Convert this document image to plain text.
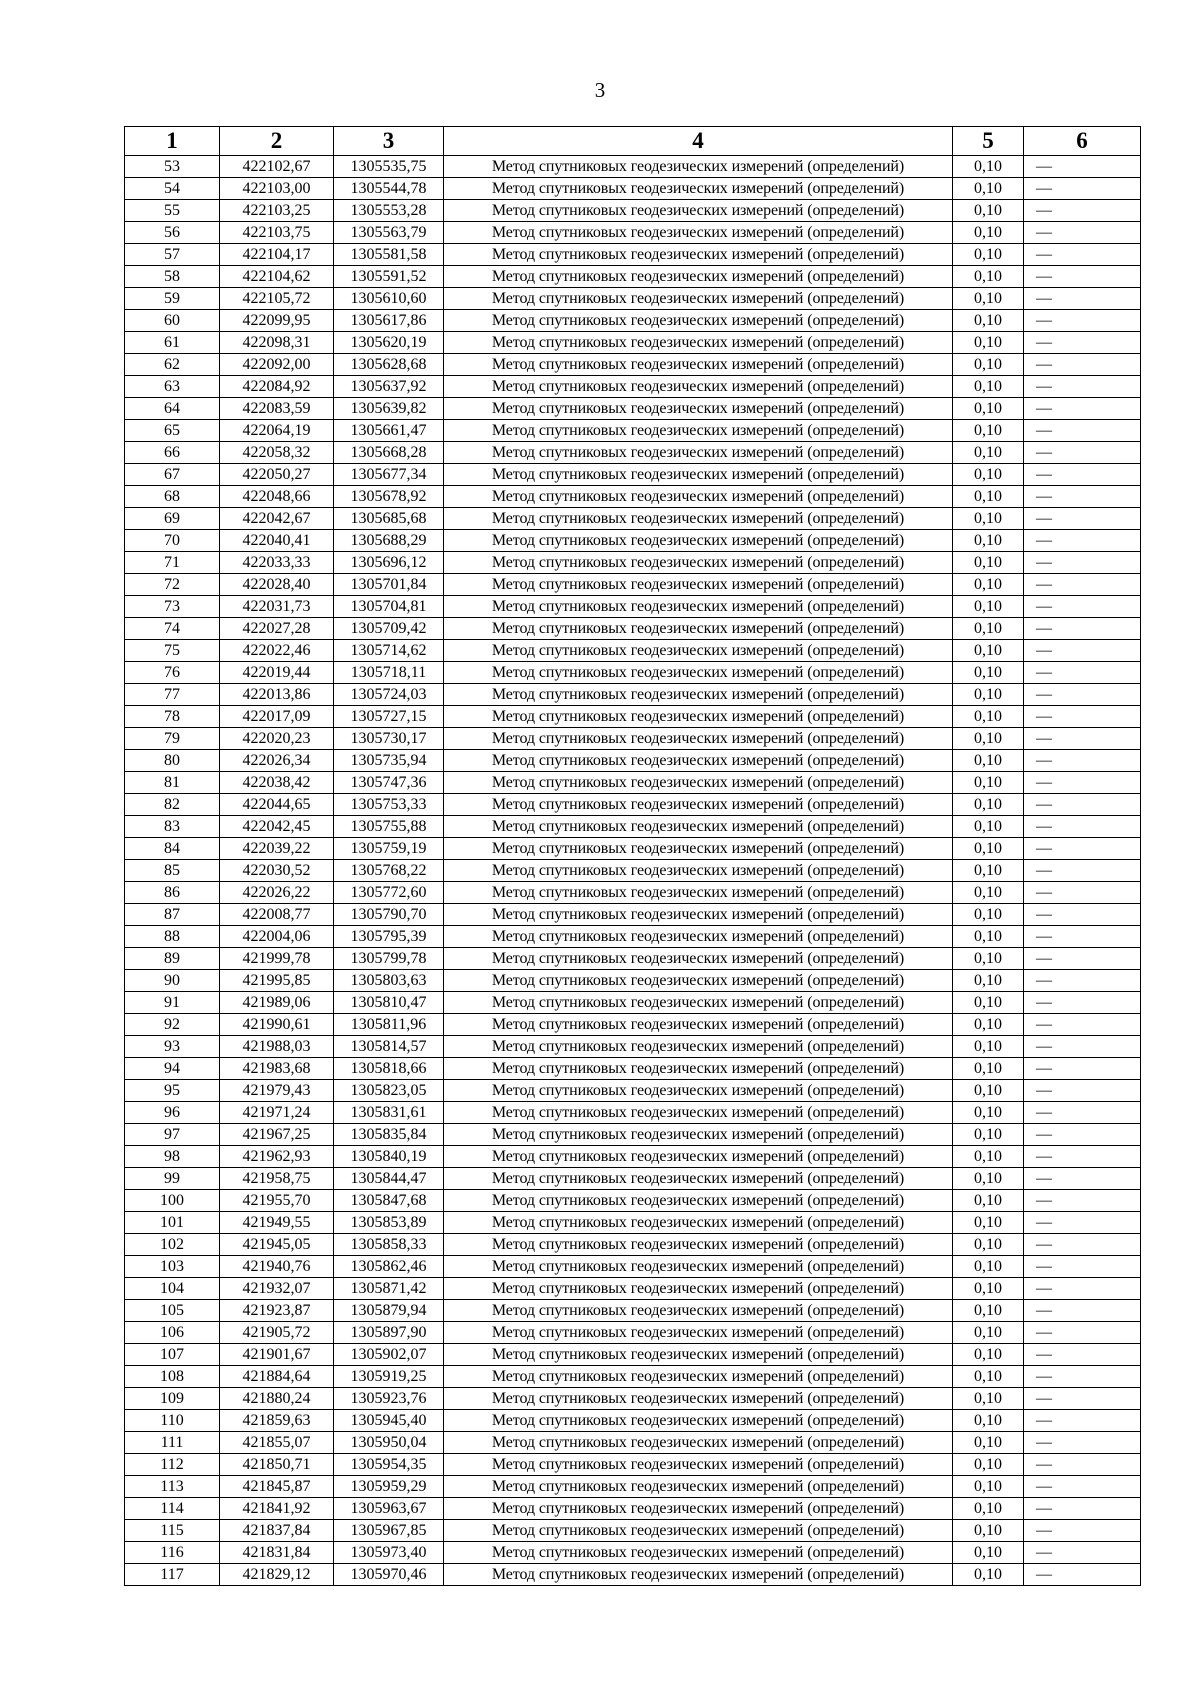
3
1	2	3	4	5	6
53	422102,67	1305535,75	Метод спутниковых геодезических измерений (определений)	0,10	—
54	422103,00	1305544,78	Метод спутниковых геодезических измерений (определений)	0,10	—
55	422103,25	1305553,28	Метод спутниковых геодезических измерений (определений)	0,10	—
56	422103,75	1305563,79	Метод спутниковых геодезических измерений (определений)	0,10	—
57	422104,17	1305581,58	Метод спутниковых геодезических измерений (определений)	0,10	—
58	422104,62	1305591,52	Метод спутниковых геодезических измерений (определений)	0,10	—
59	422105,72	1305610,60	Метод спутниковых геодезических измерений (определений)	0,10	—
60	422099,95	1305617,86	Метод спутниковых геодезических измерений (определений)	0,10	—
61	422098,31	1305620,19	Метод спутниковых геодезических измерений (определений)	0,10	—
62	422092,00	1305628,68	Метод спутниковых геодезических измерений (определений)	0,10	—
63	422084,92	1305637,92	Метод спутниковых геодезических измерений (определений)	0,10	—
64	422083,59	1305639,82	Метод спутниковых геодезических измерений (определений)	0,10	—
65	422064,19	1305661,47	Метод спутниковых геодезических измерений (определений)	0,10	—
66	422058,32	1305668,28	Метод спутниковых геодезических измерений (определений)	0,10	—
67	422050,27	1305677,34	Метод спутниковых геодезических измерений (определений)	0,10	—
68	422048,66	1305678,92	Метод спутниковых геодезических измерений (определений)	0,10	—
69	422042,67	1305685,68	Метод спутниковых геодезических измерений (определений)	0,10	—
70	422040,41	1305688,29	Метод спутниковых геодезических измерений (определений)	0,10	—
71	422033,33	1305696,12	Метод спутниковых геодезических измерений (определений)	0,10	—
72	422028,40	1305701,84	Метод спутниковых геодезических измерений (определений)	0,10	—
73	422031,73	1305704,81	Метод спутниковых геодезических измерений (определений)	0,10	—
74	422027,28	1305709,42	Метод спутниковых геодезических измерений (определений)	0,10	—
75	422022,46	1305714,62	Метод спутниковых геодезических измерений (определений)	0,10	—
76	422019,44	1305718,11	Метод спутниковых геодезических измерений (определений)	0,10	—
77	422013,86	1305724,03	Метод спутниковых геодезических измерений (определений)	0,10	—
78	422017,09	1305727,15	Метод спутниковых геодезических измерений (определений)	0,10	—
79	422020,23	1305730,17	Метод спутниковых геодезических измерений (определений)	0,10	—
80	422026,34	1305735,94	Метод спутниковых геодезических измерений (определений)	0,10	—
81	422038,42	1305747,36	Метод спутниковых геодезических измерений (определений)	0,10	—
82	422044,65	1305753,33	Метод спутниковых геодезических измерений (определений)	0,10	—
83	422042,45	1305755,88	Метод спутниковых геодезических измерений (определений)	0,10	—
84	422039,22	1305759,19	Метод спутниковых геодезических измерений (определений)	0,10	—
85	422030,52	1305768,22	Метод спутниковых геодезических измерений (определений)	0,10	—
86	422026,22	1305772,60	Метод спутниковых геодезических измерений (определений)	0,10	—
87	422008,77	1305790,70	Метод спутниковых геодезических измерений (определений)	0,10	—
88	422004,06	1305795,39	Метод спутниковых геодезических измерений (определений)	0,10	—
89	421999,78	1305799,78	Метод спутниковых геодезических измерений (определений)	0,10	—
90	421995,85	1305803,63	Метод спутниковых геодезических измерений (определений)	0,10	—
91	421989,06	1305810,47	Метод спутниковых геодезических измерений (определений)	0,10	—
92	421990,61	1305811,96	Метод спутниковых геодезических измерений (определений)	0,10	—
93	421988,03	1305814,57	Метод спутниковых геодезических измерений (определений)	0,10	—
94	421983,68	1305818,66	Метод спутниковых геодезических измерений (определений)	0,10	—
95	421979,43	1305823,05	Метод спутниковых геодезических измерений (определений)	0,10	—
96	421971,24	1305831,61	Метод спутниковых геодезических измерений (определений)	0,10	—
97	421967,25	1305835,84	Метод спутниковых геодезических измерений (определений)	0,10	—
98	421962,93	1305840,19	Метод спутниковых геодезических измерений (определений)	0,10	—
99	421958,75	1305844,47	Метод спутниковых геодезических измерений (определений)	0,10	—
100	421955,70	1305847,68	Метод спутниковых геодезических измерений (определений)	0,10	—
101	421949,55	1305853,89	Метод спутниковых геодезических измерений (определений)	0,10	—
102	421945,05	1305858,33	Метод спутниковых геодезических измерений (определений)	0,10	—
103	421940,76	1305862,46	Метод спутниковых геодезических измерений (определений)	0,10	—
104	421932,07	1305871,42	Метод спутниковых геодезических измерений (определений)	0,10	—
105	421923,87	1305879,94	Метод спутниковых геодезических измерений (определений)	0,10	—
106	421905,72	1305897,90	Метод спутниковых геодезических измерений (определений)	0,10	—
107	421901,67	1305902,07	Метод спутниковых геодезических измерений (определений)	0,10	—
108	421884,64	1305919,25	Метод спутниковых геодезических измерений (определений)	0,10	—
109	421880,24	1305923,76	Метод спутниковых геодезических измерений (определений)	0,10	—
110	421859,63	1305945,40	Метод спутниковых геодезических измерений (определений)	0,10	—
111	421855,07	1305950,04	Метод спутниковых геодезических измерений (определений)	0,10	—
112	421850,71	1305954,35	Метод спутниковых геодезических измерений (определений)	0,10	—
113	421845,87	1305959,29	Метод спутниковых геодезических измерений (определений)	0,10	—
114	421841,92	1305963,67	Метод спутниковых геодезических измерений (определений)	0,10	—
115	421837,84	1305967,85	Метод спутниковых геодезических измерений (определений)	0,10	—
116	421831,84	1305973,40	Метод спутниковых геодезических измерений (определений)	0,10	—
117	421829,12	1305970,46	Метод спутниковых геодезических измерений (определений)	0,10	—
